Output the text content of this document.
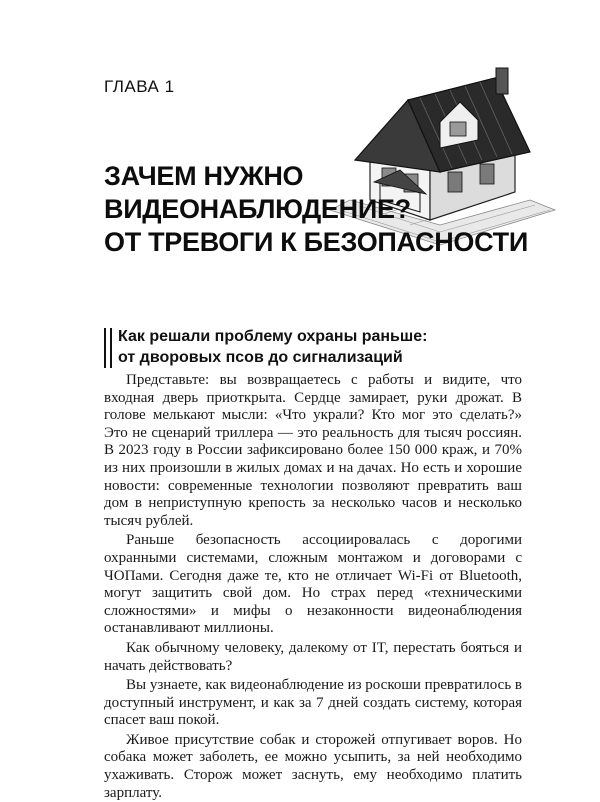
ГЛАВА 1
ЗАЧЕМ НУЖНО
ВИДЕОНАБЛЮДЕНИЕ?
ОТ ТРЕВОГИ К БЕЗОПАСНОСТИ
Как решали проблему охраны раньше:
от дворовых псов до сигнализаций

Представьте: вы возвращаетесь с работы и видите, что входная дверь приоткрыта. Сердце замирает, руки дрожат. В голове мелькают мысли: «Что украли? Кто мог это сделать?» Это не сценарий триллера — это реальность для тысяч россиян. В 2023 году в России зафиксировано более 150 000 краж, и 70% из них произошли в жилых домах и на дачах. Но есть и хорошие новости: современные технологии позволяют превратить ваш дом в неприступную крепость за несколько часов и несколько тысяч рублей.

Раньше безопасность ассоциировалась с дорогими охранными системами, сложным монтажом и договорами с ЧОПами. Сегодня даже те, кто не отличает Wi-Fi от Bluetooth, могут защитить свой дом. Но страх перед «техническими сложностями» и мифы о незаконности видеонаблюдения останавливают миллионы.

Как обычному человеку, далекому от IT, перестать бояться и начать действовать?

Вы узнаете, как видеонаблюдение из роскоши превратилось в доступный инструмент, и как за 7 дней создать систему, которая спасет ваш покой.

Живое присутствие собак и сторожей отпугивает воров. Но собака может заболеть, ее можно усыпить, за ней необходимо ухаживать. Сторож может заснуть, ему необходимо платить зарплату.
